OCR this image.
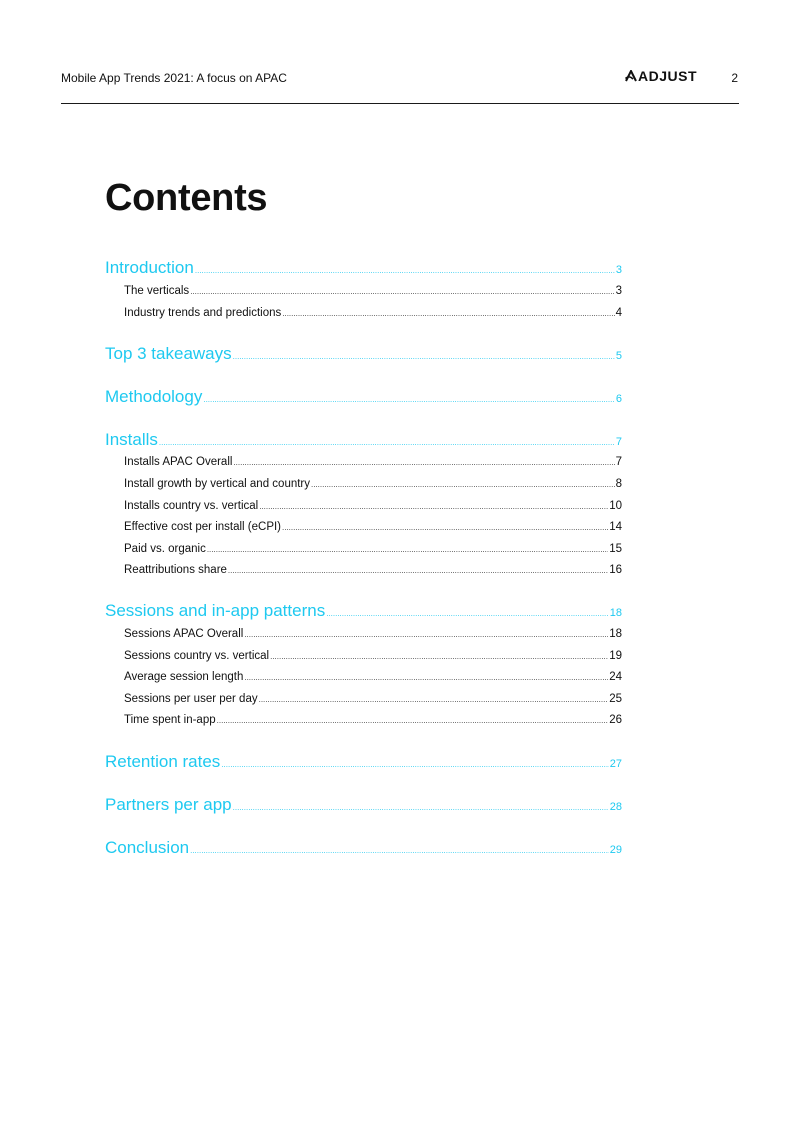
Mobile App Trends 2021: A focus on APAC	ADJUST	2
Contents
Introduction .....	3
The verticals .....	3
Industry trends and predictions .....	4
Top 3 takeaways .....	5
Methodology .....	6
Installs .....	7
Installs APAC Overall .....	7
Install growth by vertical and country .....	8
Installs country vs. vertical .....	10
Effective cost per install (eCPI) .....	14
Paid vs. organic .....	15
Reattributions share .....	16
Sessions and in-app patterns .....	18
Sessions APAC Overall .....	18
Sessions country vs. vertical .....	19
Average session length .....	24
Sessions per user per day .....	25
Time spent in-app .....	26
Retention rates .....	27
Partners per app .....	28
Conclusion .....	29
